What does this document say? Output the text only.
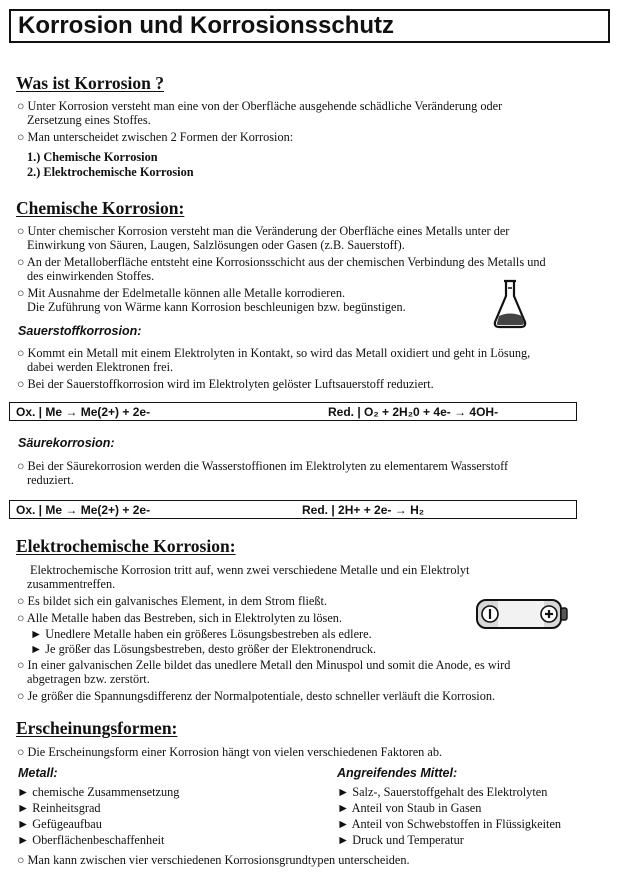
Korrosion und Korrosionsschutz
Was ist Korrosion ?
○ Unter Korrosion versteht man eine von der Oberfläche ausgehende schädliche Veränderung oder
Zersetzung eines Stoffes.
○ Man unterscheidet zwischen 2 Formen der Korrosion:
1.) Chemische Korrosion
2.) Elektrochemische Korrosion
Chemische Korrosion:
○ Unter chemischer Korrosion versteht man die Veränderung der Oberfläche eines Metalls unter der
Einwirkung von Säuren, Laugen, Salzlösungen oder Gasen (z.B. Sauerstoff).
○ An der Metalloberfläche entsteht eine Korrosionsschicht aus der chemischen Verbindung des Metalls und
des einwirkenden Stoffes.
○ Mit Ausnahme der Edelmetalle können alle Metalle korrodieren.
Die Zuführung von Wärme kann Korrosion beschleunigen bzw. begünstigen.
Sauerstoffkorrosion:
○ Kommt ein Metall mit einem Elektrolyten in Kontakt, so wird das Metall oxidiert und geht in Lösung,
dabei werden Elektronen frei.
○ Bei der Sauerstoffkorrosion wird im Elektrolyten gelöster Luftsauerstoff reduziert.
Ox. | Me → Me(2+) + 2e-	Red. | O₂ + 2H₂0 + 4e- → 4OH-
Säurekorrosion:
○ Bei der Säurekorrosion werden die Wasserstoffionen im Elektrolyten zu elementarem Wasserstoff
reduziert.
Ox. | Me → Me(2+) + 2e-	Red. | 2H+ + 2e- → H₂
Elektrochemische Korrosion:
Elektrochemische Korrosion tritt auf, wenn zwei verschiedene Metalle und ein Elektrolyt
zusammentreffen.
○ Es bildet sich ein galvanisches Element, in dem Strom fließt.
○ Alle Metalle haben das Bestreben, sich in Elektrolyten zu lösen.
► Unedlere Metalle haben ein größeres Lösungsbestreben als edlere.
► Je größer das Lösungsbestreben, desto größer der Elektronendruck.
○ In einer galvanischen Zelle bildet das unedlere Metall den Minuspol und somit die Anode, es wird
abgetragen bzw. zerstört.
○ Je größer die Spannungsdifferenz der Normalpotentiale, desto schneller verläuft die Korrosion.
Erscheinungsformen:
○ Die Erscheinungsform einer Korrosion hängt von vielen verschiedenen Faktoren ab.
Metall:
► chemische Zusammensetzung
► Reinheitsgrad
► Gefügeaufbau
► Oberflächenbeschaffenheit
Angreifendes Mittel:
► Salz-, Sauerstoffgehalt des Elektrolyten
► Anteil von Staub in Gasen
► Anteil von Schwebstoffen in Flüssigkeiten
► Druck und Temperatur
○ Man kann zwischen vier verschiedenen Korrosionsgrundtypen unterscheiden.
